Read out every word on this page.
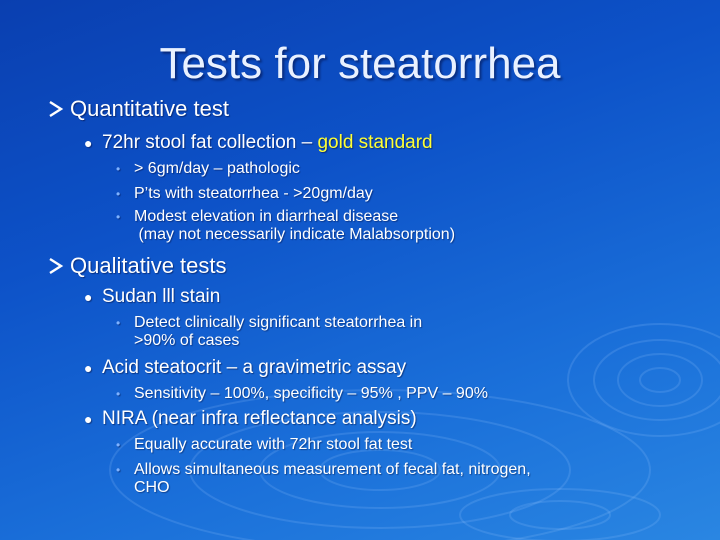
Tests for steatorrhea
Quantitative test
● 72hr stool fat collection – gold standard
• > 6gm/day – pathologic
• P’ts with steatorrhea - >20gm/day
• Modest elevation in diarrheal disease
(may not necessarily indicate Malabsorption)
Qualitative tests
● Sudan lll stain
• Detect clinically significant steatorrhea in
>90% of cases
● Acid steatocrit – a gravimetric assay
• Sensitivity – 100%, specificity – 95% , PPV – 90%
● NIRA (near infra reflectance analysis)
• Equally accurate with 72hr stool fat test
• Allows simultaneous measurement of fecal fat, nitrogen,
CHO
